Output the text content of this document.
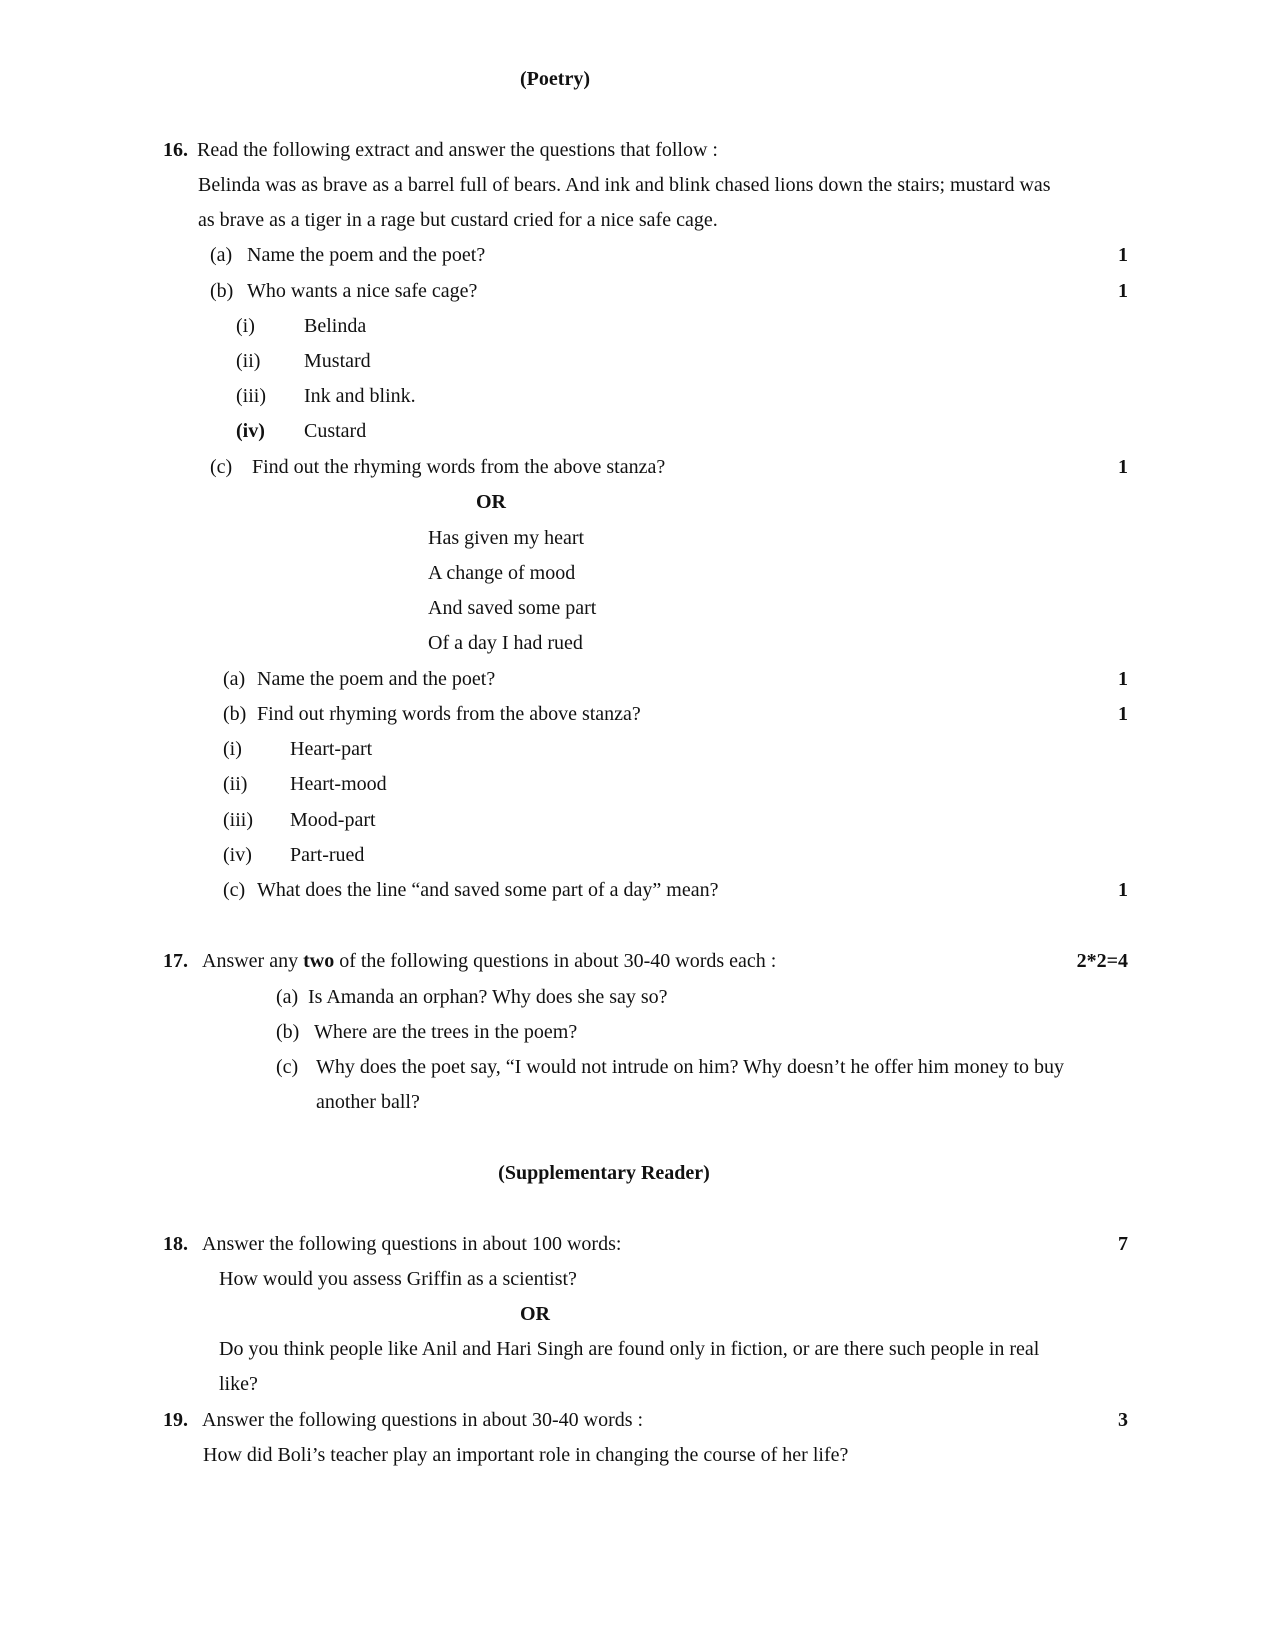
(Poetry)
16. Read the following extract and answer the questions that follow :
Belinda was as brave as a barrel full of bears. And ink and blink chased lions down the stairs; mustard was
as brave as a tiger in a rage but custard cried for a nice safe cage.
(a) Name the poem and the poet?	1
(b) Who wants a nice safe cage?	1
(i) Belinda
(ii) Mustard
(iii) Ink and blink.
(iv) Custard
(c) Find out the rhyming words from the above stanza?	1
OR
Has given my heart
A change of mood
And saved some part
Of a day I had rued
(a) Name the poem and the poet?	1
(b) Find out rhyming words from the above stanza?	1
(i) Heart-part
(ii) Heart-mood
(iii) Mood-part
(iv) Part-rued
(c) What does the line “and saved some part of a day” mean?	1
17. Answer any two of the following questions in about 30-40 words each :	2*2=4
(a) Is Amanda an orphan? Why does she say so?
(b) Where are the trees in the poem?
(c) Why does the poet say, “I would not intrude on him? Why doesn’t he offer him money to buy
another ball?
(Supplementary Reader)
18. Answer the following questions in about 100 words:	7
How would you assess Griffin as a scientist?
OR
Do you think people like Anil and Hari Singh are found only in fiction, or are there such people in real
like?
19. Answer the following questions in about 30-40 words :	3
How did Boli’s teacher play an important role in changing the course of her life?
